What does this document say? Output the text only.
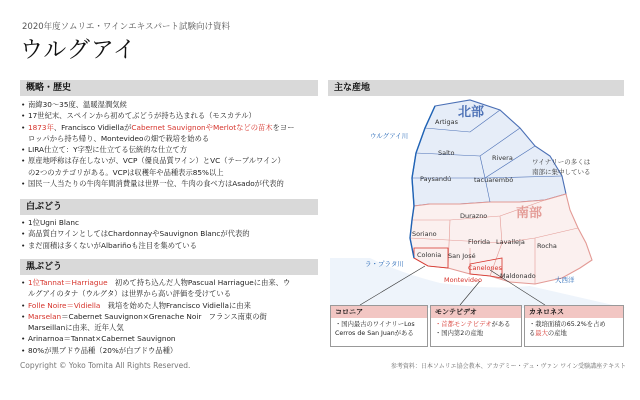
2020年度ソムリエ・ワインエキスパート試験向け資料
ウルグアイ
概略・歴史
• 南緯30〜35度、温暖湿潤気候
• 17世紀末、スペインから初めてぶどうが持ち込まれる（モスカテル）
• 1873年、Francisco VidiellaがCabernet SauvignonやMerlotなどの苗木をヨー
ロッパから持ち帰り、Montevideoの畑で栽培を始める
• LIRA仕立て：Y字型に仕立てる伝統的な仕立て方
• 原産地呼称は存在しないが、VCP（優良品質ワイン）とVC（テーブルワイン）
の2つのカテゴリがある。VCPは収穫年や品種表示85%以上
• 国民一人当たりの牛肉年間消費量は世界一位、牛肉の食べ方はAsadoが代表的
白ぶどう
• 1位Ugni Blanc
• 高品質白ワインとしてはChardonnayやSauvignon Blancが代表的
• まだ面積は多くないがAlbariñoも注目を集めている
黒ぶどう
• 1位Tannat＝Harriague　初めて持ち込んだ人物Pascual Harriagueに由来、ウ
ルグアイのタナ（ウルグタ）は世界から高い評価を受けている
• Folle Noire＝Vidiella　栽培を始めた人物Francisco Vidiellaに由来
• Marselan＝Cabernet Sauvignon×Grenache Noir　フランス南東の街
Marseillanに由来、近年人気
• Arinarnoa＝Tannat×Cabernet Sauvignon
• 80%が黒ブドウ品種（20%が白ブドウ品種）
主な産地
北部
南部
ウルグアイ川
ラ・プラタ川
大西洋
ワイナリーの多くは
南部に集中している
Artigas
Salto
Rivera
Paysandú	tacuarembó
Durazno
Soriano
Florida Lavalleja Rocha
Colonia San José
Canelones
Montevideo	Maldonado
コロニア
・国内最古のワイナリーLos
Cerros de San Juanがある
モンテビデオ
・首都モンテビデオがある
・国内第2の産地
カネロネス
・栽培面積の65.2%を占め
る最大の産地
Copyright © Yoko Tomita All Rights Reserved.	参考資料：日本ソムリエ協会教本、アカデミー・デュ・ヴァン ワイン受験講座テキスト
